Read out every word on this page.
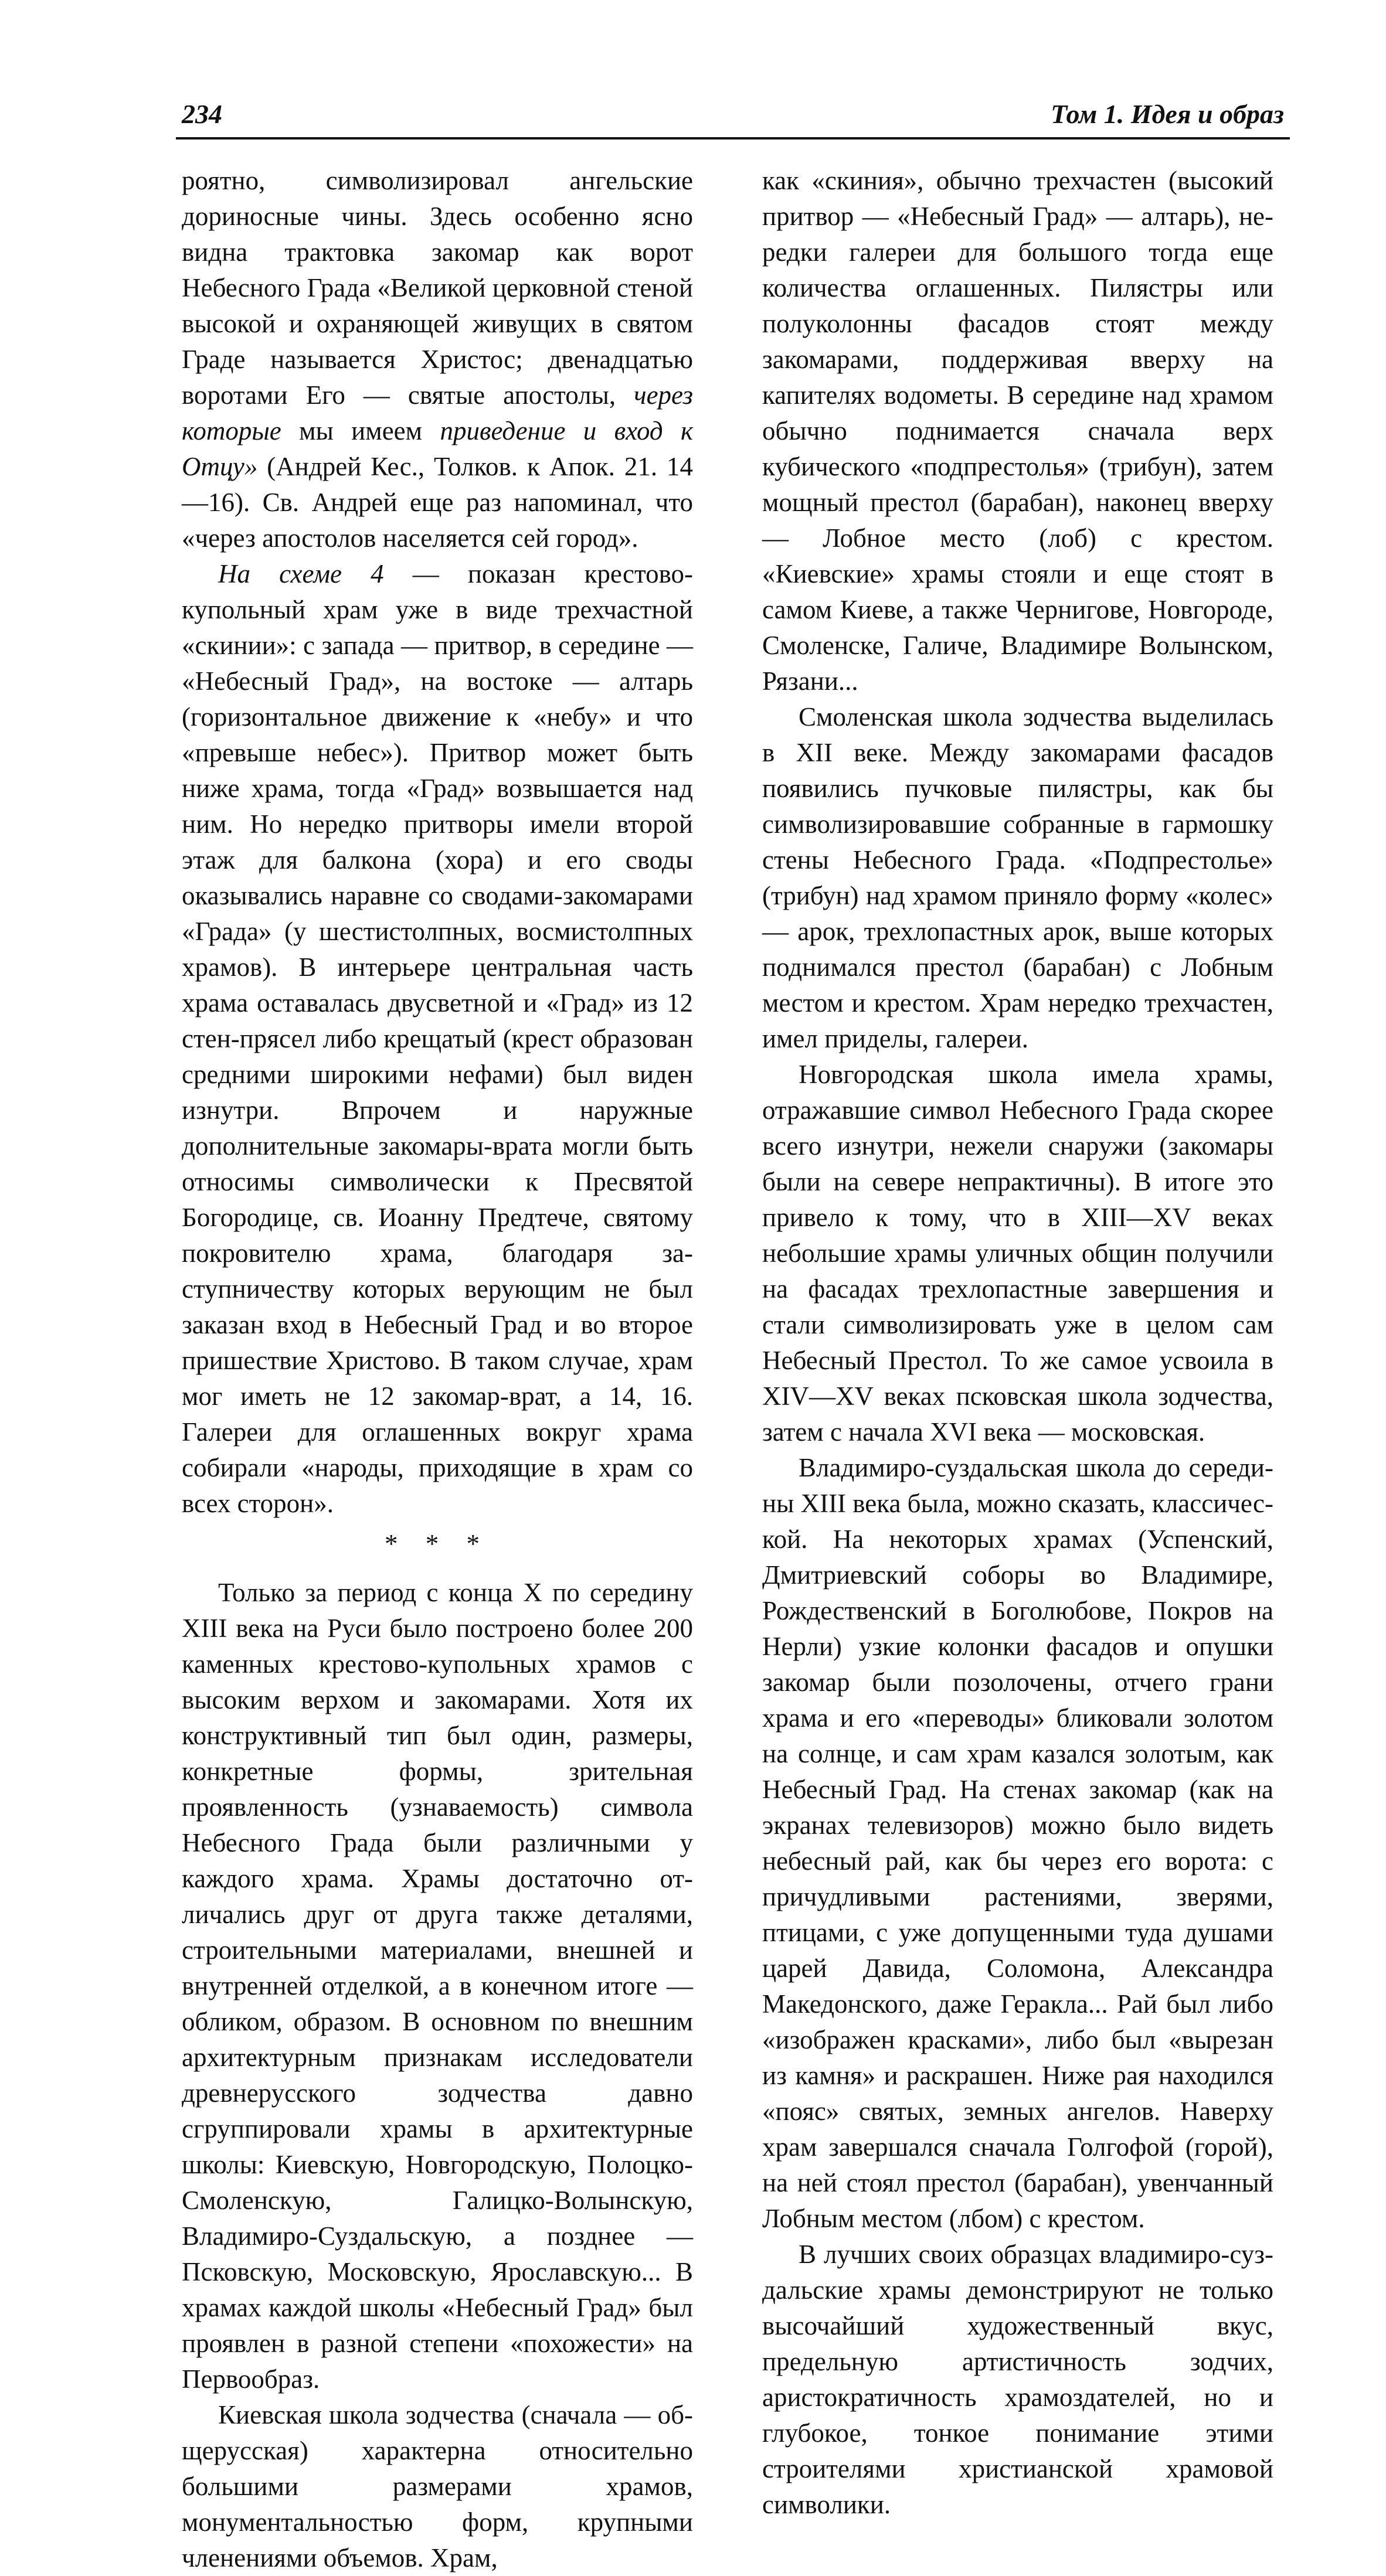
234	Том 1. Идея и образ

роятно, символизировал ангельские дориносные чины. Здесь особенно ясно видна трактовка закомар как ворот Небесного Града «Великой церковной стеной высокой и охраняющей живущих в святом Граде называется Христос; двенадцатью воротами Его — святые апостолы, через которые мы имеем приведение и вход к Отцу» (Андрей Кес., Толков. к Апок. 21. 14—16). Св. Андрей еще раз напоминал, что «через апостолов населяется сей город».

На схеме 4 — показан крестово-купольный храм уже в виде трехчастной «скинии»: с запада — притвор, в середине — «Небесный Град», на востоке — алтарь (горизонтальное движение к «небу» и что «превыше небес»). Притвор может быть ниже храма, тогда «Град» возвышается над ним. Но нередко притворы имели второй этаж для балкона (хора) и его своды оказывались наравне со сводами-закомарами «Града» (у шестистолпных, восмистолпных храмов). В интерьере центральная часть храма оставалась двусветной и «Град» из 12 стен-прясел либо крещатый (крест образован средними широкими нефами) был виден изнутри. Впрочем и наружные дополнительные закомары-врата могли быть относимы символически к Пресвятой Богородице, св. Иоанну Предтече, святому покровителю храма, благодаря заступничеству которых верующим не был заказан вход в Небесный Град и во второе пришествие Христово. В таком случае, храм мог иметь не 12 закомар-врат, а 14, 16. Галереи для оглашенных вокруг храма собирали «народы, приходящие в храм со всех сторон».

* * *

Только за период с конца X по середину XIII века на Руси было построено более 200 каменных крестово-купольных храмов с высоким верхом и закомарами. Хотя их конструктивный тип был один, размеры, конкретные формы, зрительная проявленность (узнаваемость) символа Небесного Града были различными у каждого храма. Храмы достаточно отличались друг от друга также деталями, строительными материалами, внешней и внутренней отделкой, а в конечном итоге — обликом, образом. В основном по внешним архитектурным признакам исследователи древнерусского зодчества давно сгруппировали храмы в архитектурные школы: Киевскую, Новгородскую, Полоцко-Смоленскую, Галицко-Волынскую, Владимиро-Суздальскую, а позднее — Псковскую, Московскую, Ярославскую... В храмах каждой школы «Небесный Град» был проявлен в разной степени «похожести» на Первообраз.

Киевская школа зодчества (сначала — общерусская) характерна относительно большими размерами храмов, монументальностью форм, крупными членениями объемов. Храм,

как «скиния», обычно трехчастен (высокий притвор — «Небесный Град» — алтарь), нередки галереи для большого тогда еще количества оглашенных. Пилястры или полуколонны фасадов стоят между закомарами, поддерживая вверху на капителях водометы. В середине над храмом обычно поднимается сначала верх кубического «подпрестолья» (трибун), затем мощный престол (барабан), наконец вверху — Лобное место (лоб) с крестом. «Киевские» храмы стояли и еще стоят в самом Киеве, а также Чернигове, Новгороде, Смоленске, Галиче, Владимире Волынском, Рязани...

Смоленская школа зодчества выделилась в XII веке. Между закомарами фасадов появились пучковые пилястры, как бы символизировавшие собранные в гармошку стены Небесного Града. «Подпрестолье» (трибун) над храмом приняло форму «колес» — арок, трехлопастных арок, выше которых поднимался престол (барабан) с Лобным местом и крестом. Храм нередко трехчастен, имел приделы, галереи.

Новгородская школа имела храмы, отражавшие символ Небесного Града скорее всего изнутри, нежели снаружи (закомары были на севере непрактичны). В итоге это привело к тому, что в XIII—XV веках небольшие храмы уличных общин получили на фасадах трехлопастные завершения и стали символизировать уже в целом сам Небесный Престол. То же самое усвоила в XIV—XV веках псковская школа зодчества, затем с начала XVI века — московская.

Владимиро-суздальская школа до середины XIII века была, можно сказать, классической. На некоторых храмах (Успенский, Дмитриевский соборы во Владимире, Рождественский в Боголюбове, Покров на Нерли) узкие колонки фасадов и опушки закомар были позолочены, отчего грани храма и его «переводы» бликовали золотом на солнце, и сам храм казался золотым, как Небесный Град. На стенах закомар (как на экранах телевизоров) можно было видеть небесный рай, как бы через его ворота: с причудливыми растениями, зверями, птицами, с уже допущенными туда душами царей Давида, Соломона, Александра Македонского, даже Геракла... Рай был либо «изображен красками», либо был «вырезан из камня» и раскрашен. Ниже рая находился «пояс» святых, земных ангелов. Наверху храм завершался сначала Голгофой (горой), на ней стоял престол (барабан), увенчанный Лобным местом (лбом) с крестом.

В лучших своих образцах владимиро-суздальские храмы демонстрируют не только высочайший художественный вкус, предельную артистичность зодчих, аристократичность храмоздателей, но и глубокое, тонкое понимание этими строителями христианской храмовой символики.
